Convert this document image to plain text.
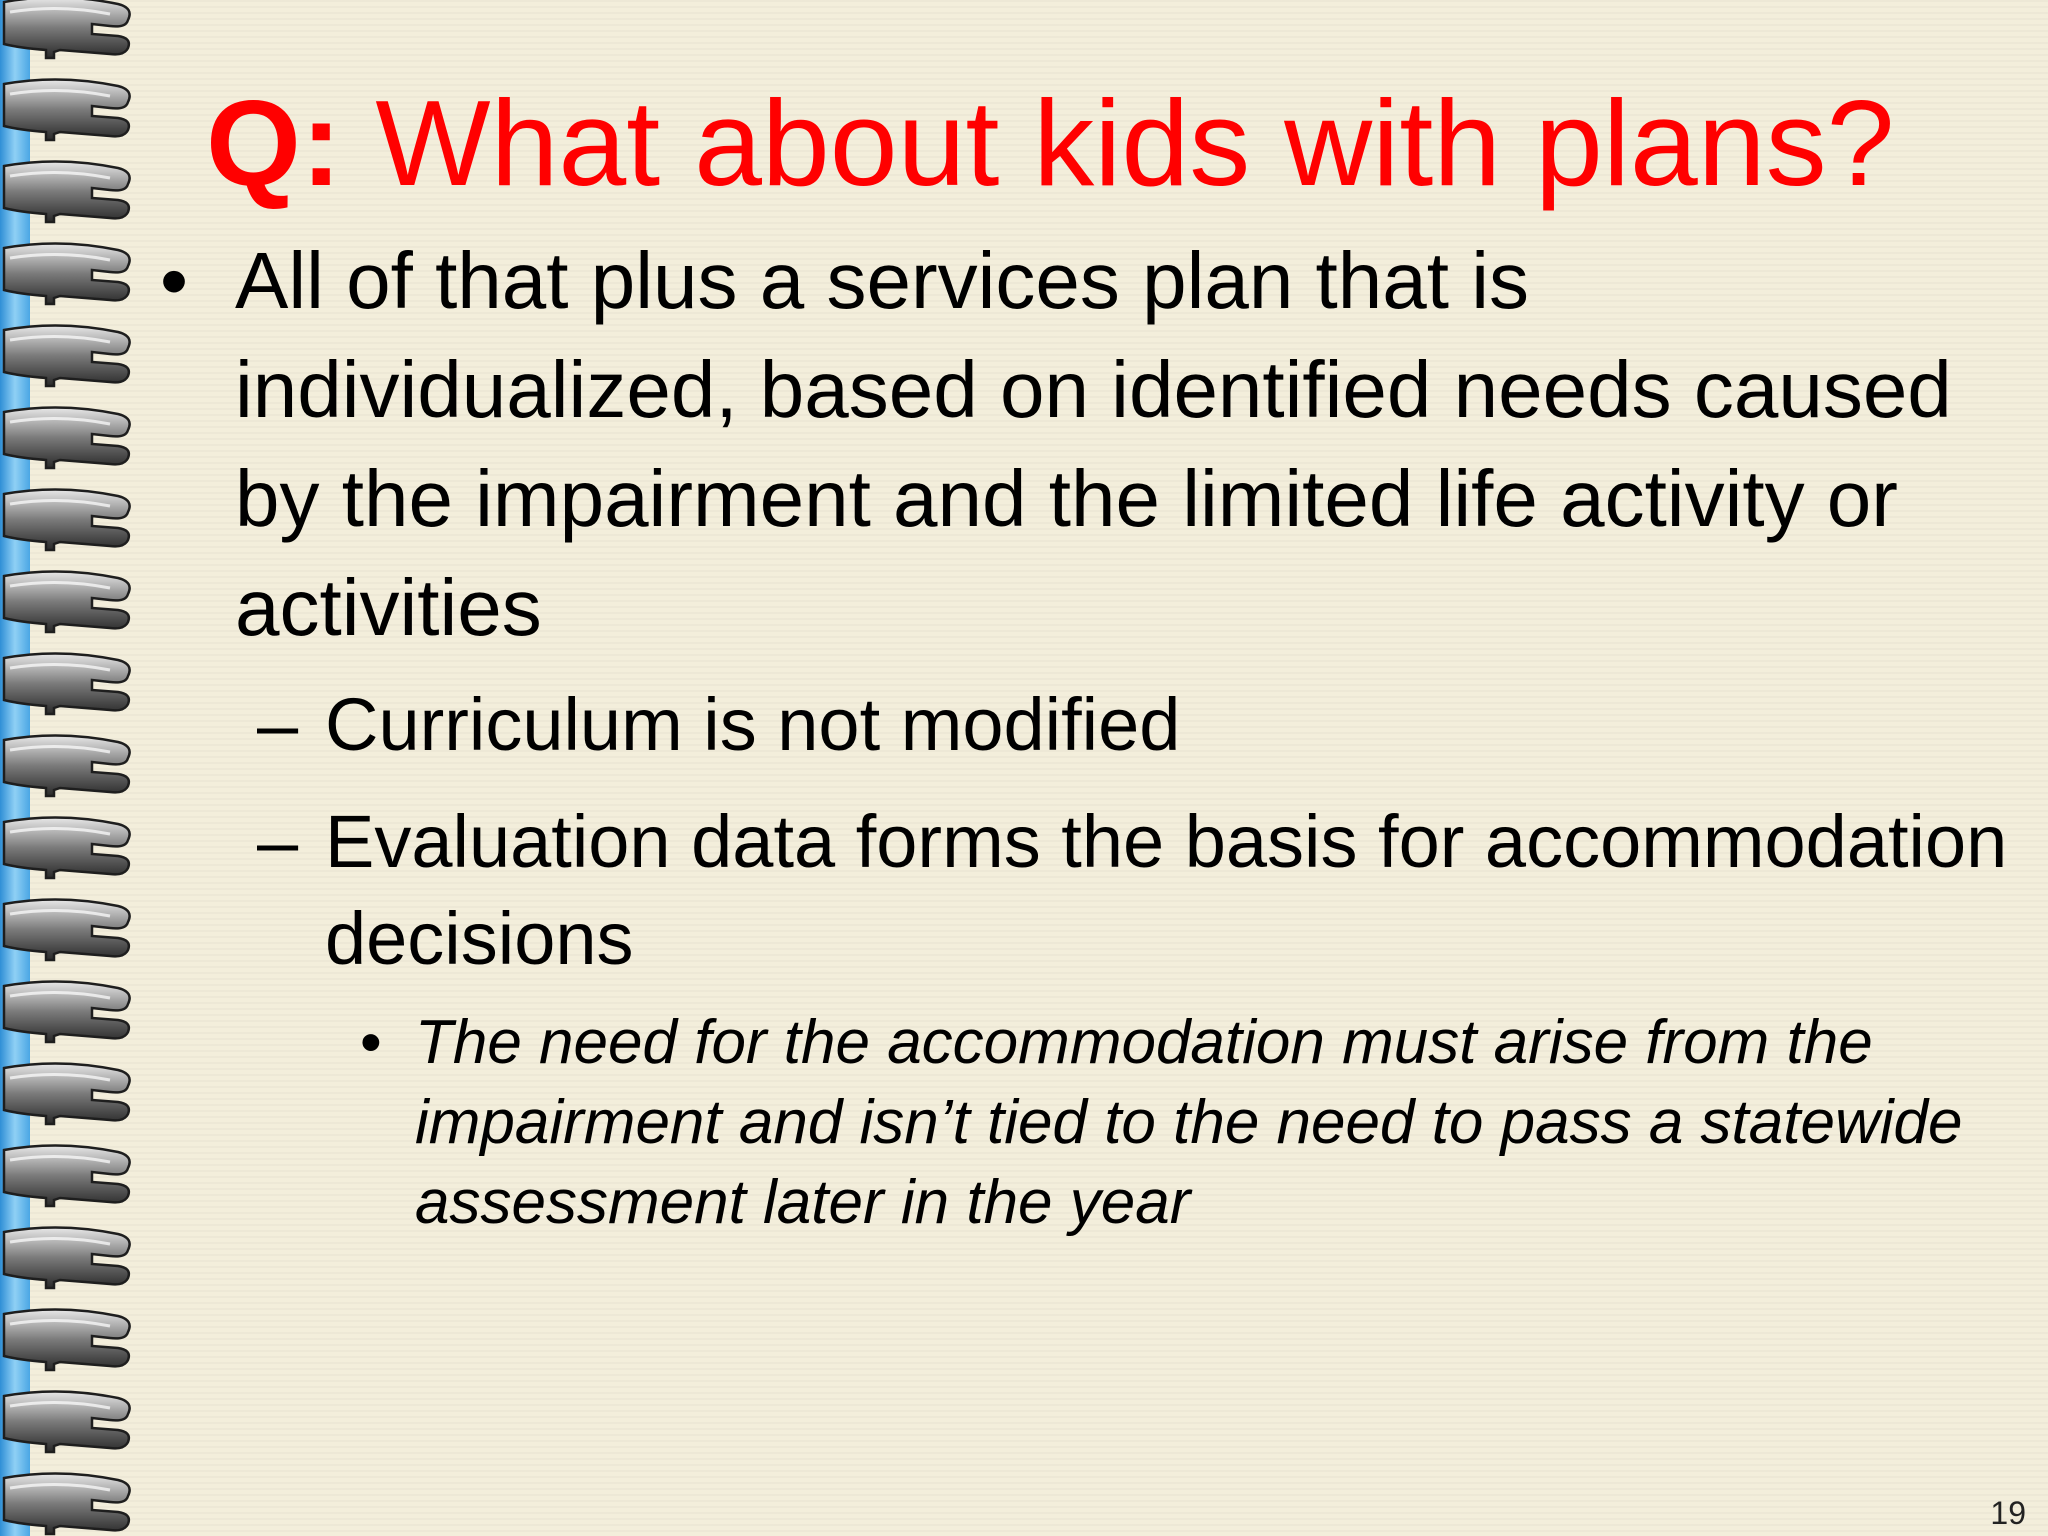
Q: What about kids with plans?

• All of that plus a services plan that is individualized, based on identified needs caused by the impairment and the limited life activity or activities

– Curriculum is not modified

– Evaluation data forms the basis for accommodation decisions

• The need for the accommodation must arise from the impairment and isn’t tied to the need to pass a statewide assessment later in the year

19
